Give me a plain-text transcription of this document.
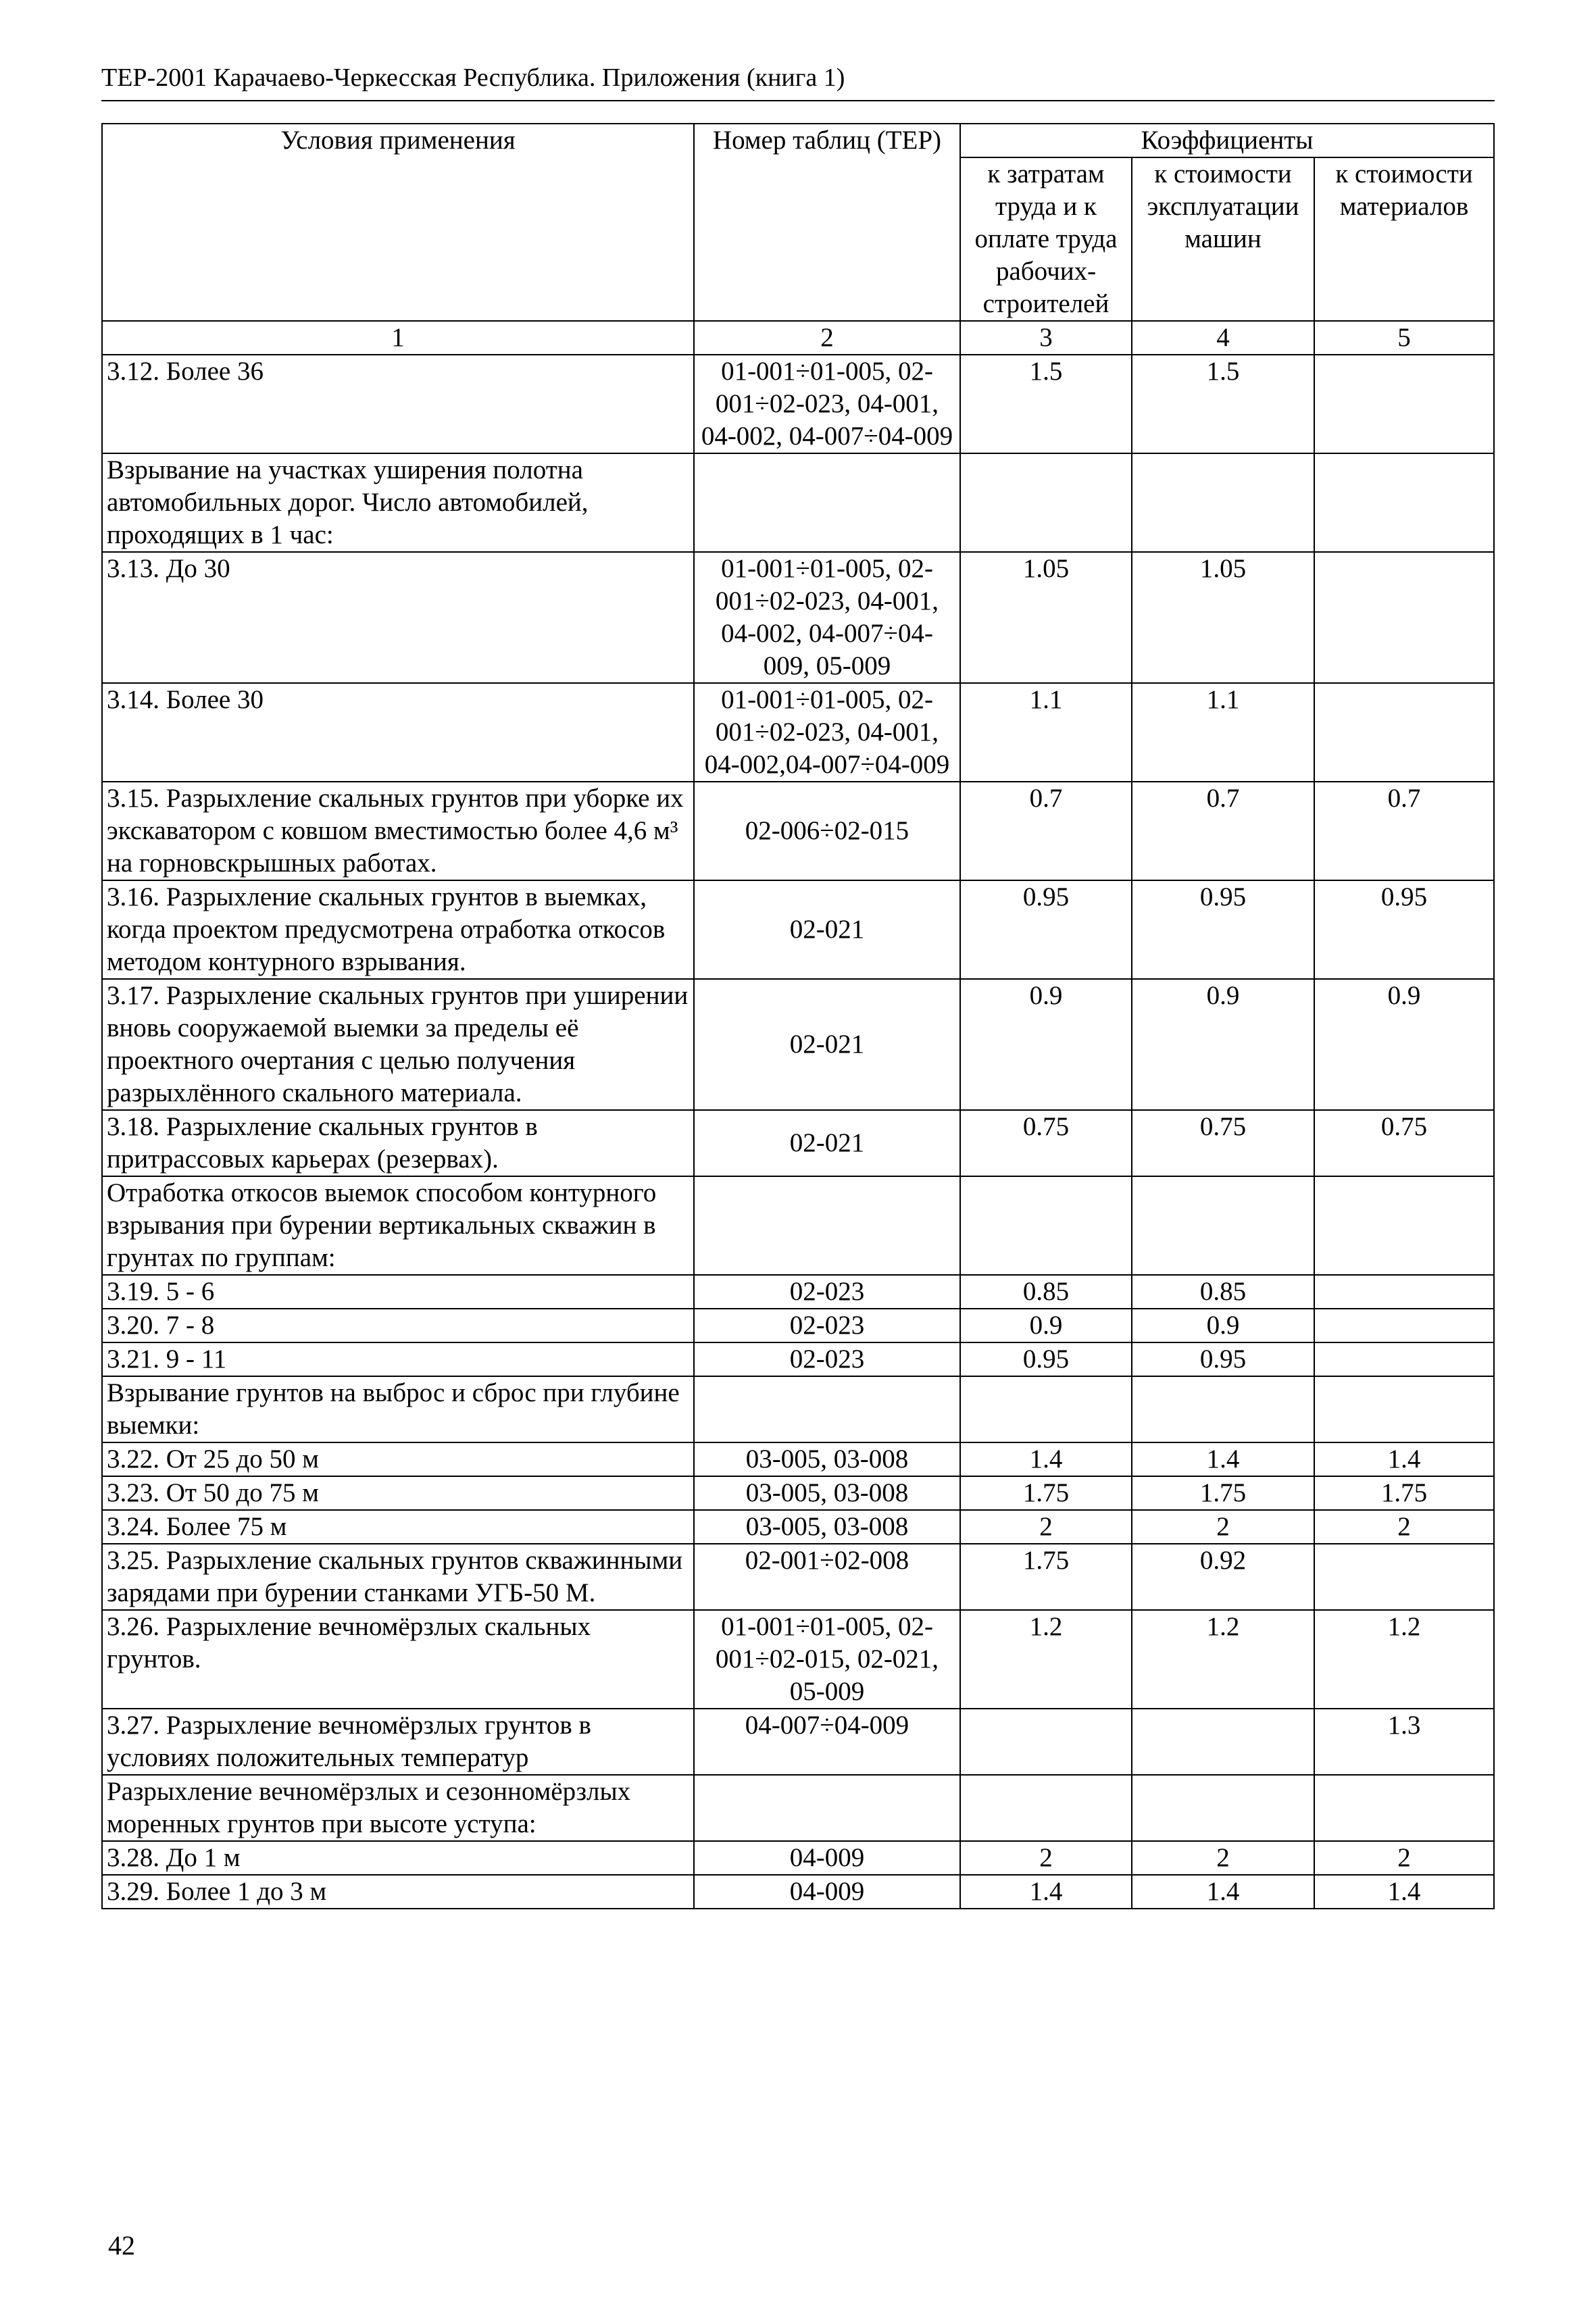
ТЕР-2001 Карачаево-Черкесская Республика. Приложения (книга 1)
Условия применения	Номер таблиц (ТЕР)	Коэффициенты		
		к затратам труда и к оплате труда рабочих-строителей	к стоимости эксплуатации машин	к стоимости материалов
1	2	3	4	5
3.12. Более 36	01-001÷01-005, 02-001÷02-023, 04-001, 04-002, 04-007÷04-009	1.5	1.5	
Взрывание на участках уширения полотна автомобильных дорог. Число автомобилей, проходящих в 1 час:				
3.13. До 30	01-001÷01-005, 02-001÷02-023, 04-001, 04-002, 04-007÷04-009, 05-009	1.05	1.05	
3.14. Более 30	01-001÷01-005, 02-001÷02-023, 04-001, 04-002,04-007÷04-009	1.1	1.1	
3.15. Разрыхление скальных грунтов при уборке их экскаватором с ковшом вместимостью более 4,6 м³ на горновскрышных работах.	02-006÷02-015	0.7	0.7	0.7
3.16. Разрыхление скальных грунтов в выемках, когда проектом предусмотрена отработка откосов методом контурного взрывания.	02-021	0.95	0.95	0.95
3.17. Разрыхление скальных грунтов при уширении вновь сооружаемой выемки за пределы её проектного очертания с целью получения разрыхлённого скального материала.	02-021	0.9	0.9	0.9
3.18. Разрыхление скальных грунтов в притрассовых карьерах (резервах).	02-021	0.75	0.75	0.75
Отработка откосов выемок способом контурного взрывания при бурении вертикальных скважин в грунтах по группам:				
3.19. 5 - 6	02-023	0.85	0.85	
3.20. 7 - 8	02-023	0.9	0.9	
3.21. 9 - 11	02-023	0.95	0.95	
Взрывание грунтов на выброс и сброс при глубине выемки:				
3.22. От 25 до 50 м	03-005, 03-008	1.4	1.4	1.4
3.23. От 50 до 75 м	03-005, 03-008	1.75	1.75	1.75
3.24. Более 75 м	03-005, 03-008	2	2	2
3.25. Разрыхление скальных грунтов скважинными зарядами при бурении станками УГБ-50 М.	02-001÷02-008	1.75	0.92	
3.26. Разрыхление вечномёрзлых скальных грунтов.	01-001÷01-005, 02-001÷02-015, 02-021, 05-009	1.2	1.2	1.2
3.27. Разрыхление вечномёрзлых грунтов в условиях положительных температур	04-007÷04-009			1.3
Разрыхление вечномёрзлых и сезонномёрзлых моренных грунтов при высоте уступа:				
3.28. До 1 м	04-009	2	2	2
3.29. Более 1 до 3 м	04-009	1.4	1.4	1.4
42
